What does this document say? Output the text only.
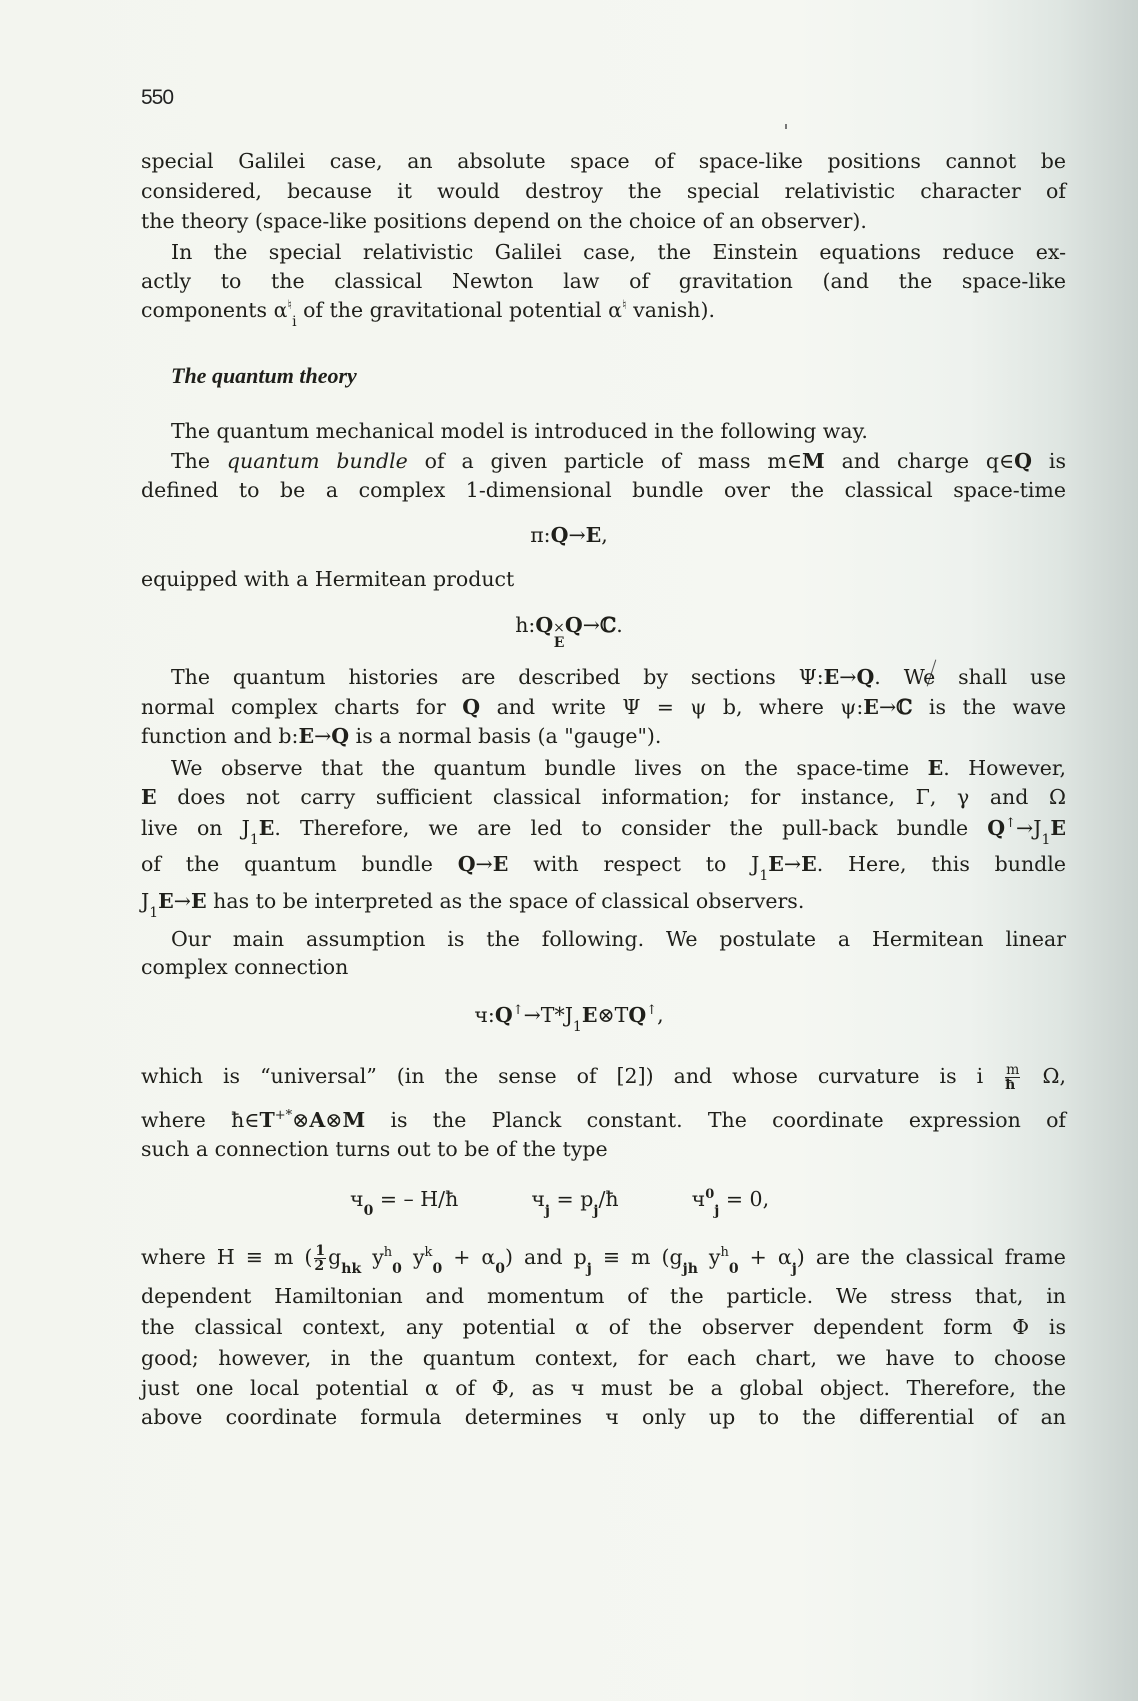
550
special Galilei case, an absolute space of space-like positions cannot be
considered, because it would destroy the special relativistic character of
the theory (space-like positions depend on the choice of an observer).
In the special relativistic Galilei case, the Einstein equations reduce ex-
actly to the classical Newton law of gravitation (and the space-like
components $\alpha^♮_i$ of the gravitational potential α♮ vanish).
The quantum theory
The quantum mechanical model is introduced in the following way.
The quantum bundle of a given particle of mass m∈M and charge q∈Q is
defined to be a complex 1-dimensional bundle over the classical space-time
π:Q→E,
equipped with a Hermitean product
h:Q×
E
Q→ℂ.
The quantum histories are described by sections Ψ:E→Q. We shall use
normal complex charts for Q and write Ψ = ψ b, where ψ:E→ℂ is the wave
function and b:E→Q is a normal basis (a "gauge").
We observe that the quantum bundle lives on the space-time E. However,
E does not carry sufficient classical information; for instance, Γ, γ and Ω
live on $J_1E$. Therefore, we are led to consider the pull-back bundle $Q^↑\to J_1E$
of the quantum bundle Q→E with respect to $J_1E\to E$. Here, this bundle
$J_1E\to E$ has to be interpreted as the space of classical observers.
Our main assumption is the following. We postulate a Hermitean linear
complex connection
$ч:Q^↑\to T*J_1E\otimes TQ^↑$,
which is “universal” (in the sense of [2]) and whose curvature is i $\frac{m}{ħ} \Omega$,
where ħ∈T+*⊗A⊗M is the Planck constant. The coordinate expression of
such a connection turns out to be of the type
$ч_0$ = – H/ħ	$ч_j$ = $p_j/ħ$	$ч^0_j = 0$,
where H ≡ m ( $\frac{1}{2} g_{hk}$ $y^h_0$ $y^k_0 + \alpha_0$) and $p_j \equiv m$ ($g_{jh}$ $y^h_0 + \alpha_j$) are the classical frame
dependent Hamiltonian and momentum of the particle. We stress that, in
the classical context, any potential α of the observer dependent form Φ is
good; however, in the quantum context, for each chart, we have to choose
just one local potential α of Φ, as ч must be a global object. Therefore, the
above coordinate formula determines ч only up to the differential of an
